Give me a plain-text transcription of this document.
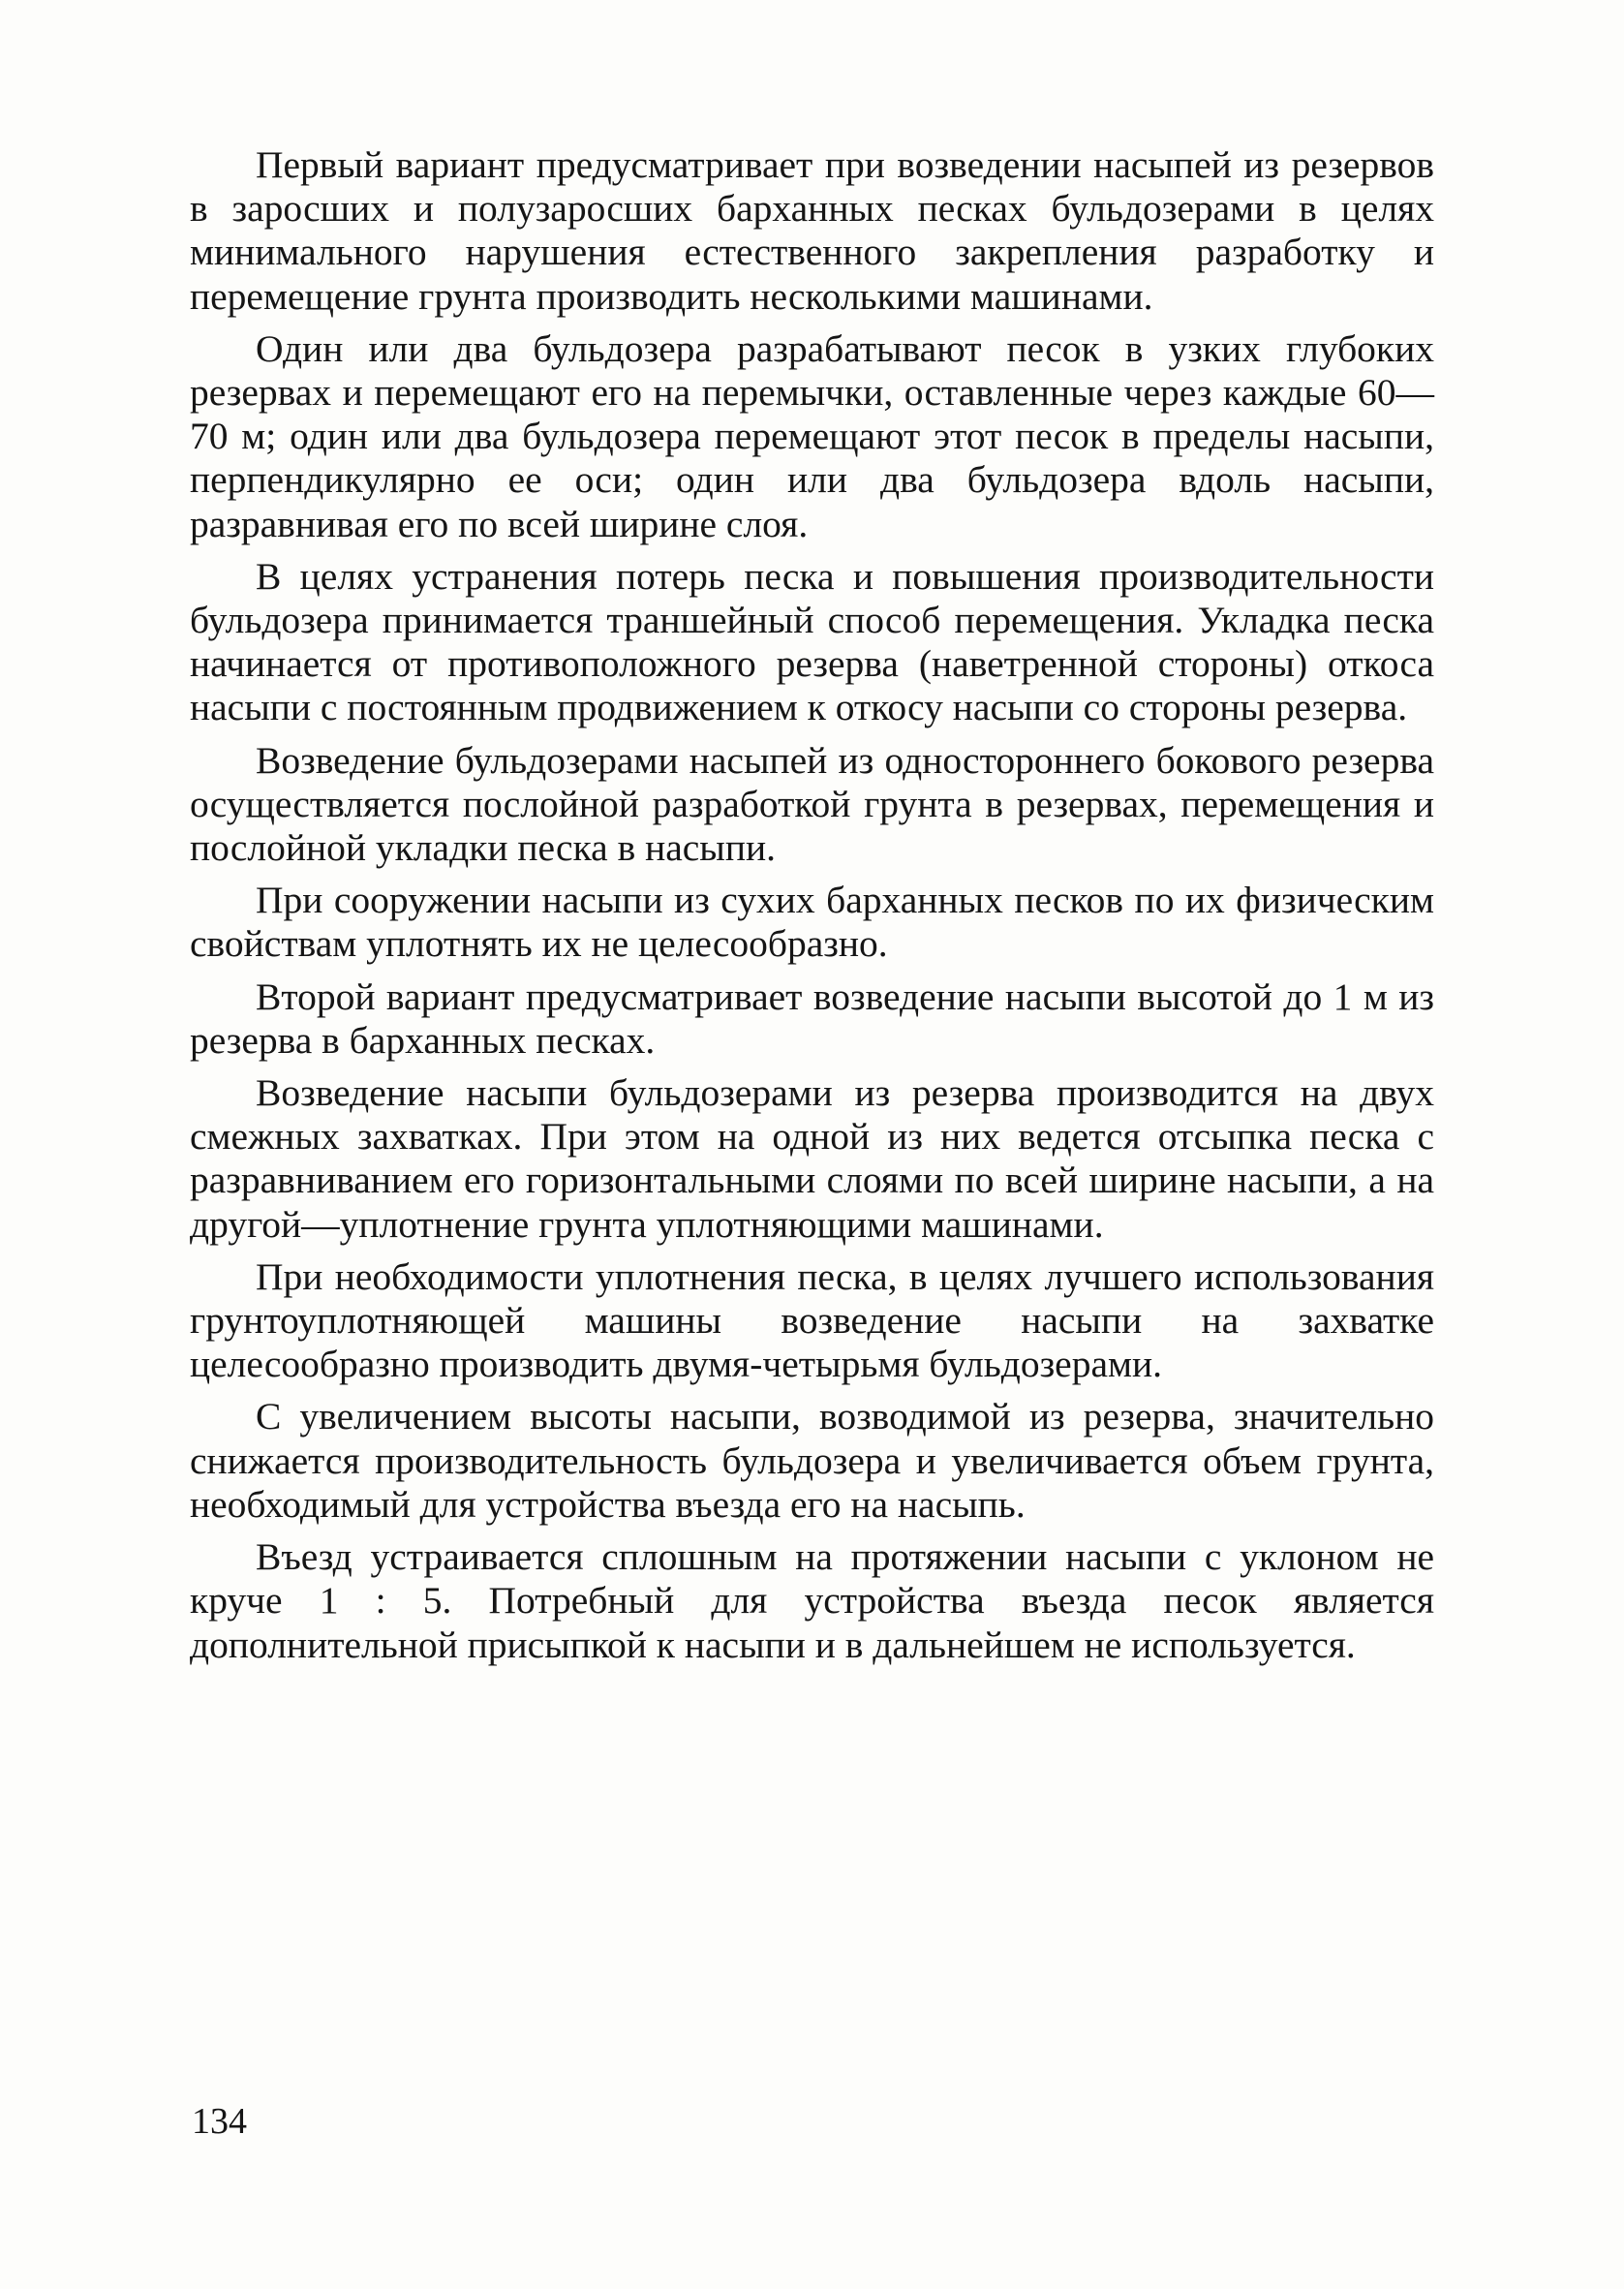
Первый вариант предусматривает при возведении насыпей из резервов в заросших и полузаросших барханных песках бульдозерами в целях минимального нарушения естественного закрепления разработку и перемещение грунта производить несколькими машинами.

Один или два бульдозера разрабатывают песок в узких глубоких резервах и перемещают его на перемычки, оставленные через каждые 60—70 м; один или два бульдозера перемещают этот песок в пределы насыпи, перпендикулярно ее оси; один или два бульдозера вдоль насыпи, разравнивая его по всей ширине слоя.

В целях устранения потерь песка и повышения производительности бульдозера принимается траншейный способ перемещения. Укладка песка начинается от противоположного резерва (наветренной стороны) откоса насыпи с постоянным продвижением к откосу насыпи со стороны резерва.

Возведение бульдозерами насыпей из одностороннего бокового резерва осуществляется послойной разработкой грунта в резервах, перемещения и послойной укладки песка в насыпи.

При сооружении насыпи из сухих барханных песков по их физическим свойствам уплотнять их не целесообразно.

Второй вариант предусматривает возведение насыпи высотой до 1 м из резерва в барханных песках.

Возведение насыпи бульдозерами из резерва производится на двух смежных захватках. При этом на одной из них ведется отсыпка песка с разравниванием его горизонтальными слоями по всей ширине насыпи, а на другой—уплотнение грунта уплотняющими машинами.

При необходимости уплотнения песка, в целях лучшего использования грунтоуплотняющей машины возведение насыпи на захватке целесообразно производить двумя-четырьмя бульдозерами.

С увеличением высоты насыпи, возводимой из резерва, значительно снижается производительность бульдозера и увеличивается объем грунта, необходимый для устройства въезда его на насыпь.

Въезд устраивается сплошным на протяжении насыпи с уклоном не круче 1 : 5. Потребный для устройства въезда песок является дополнительной присыпкой к насыпи и в дальнейшем не используется.

134
